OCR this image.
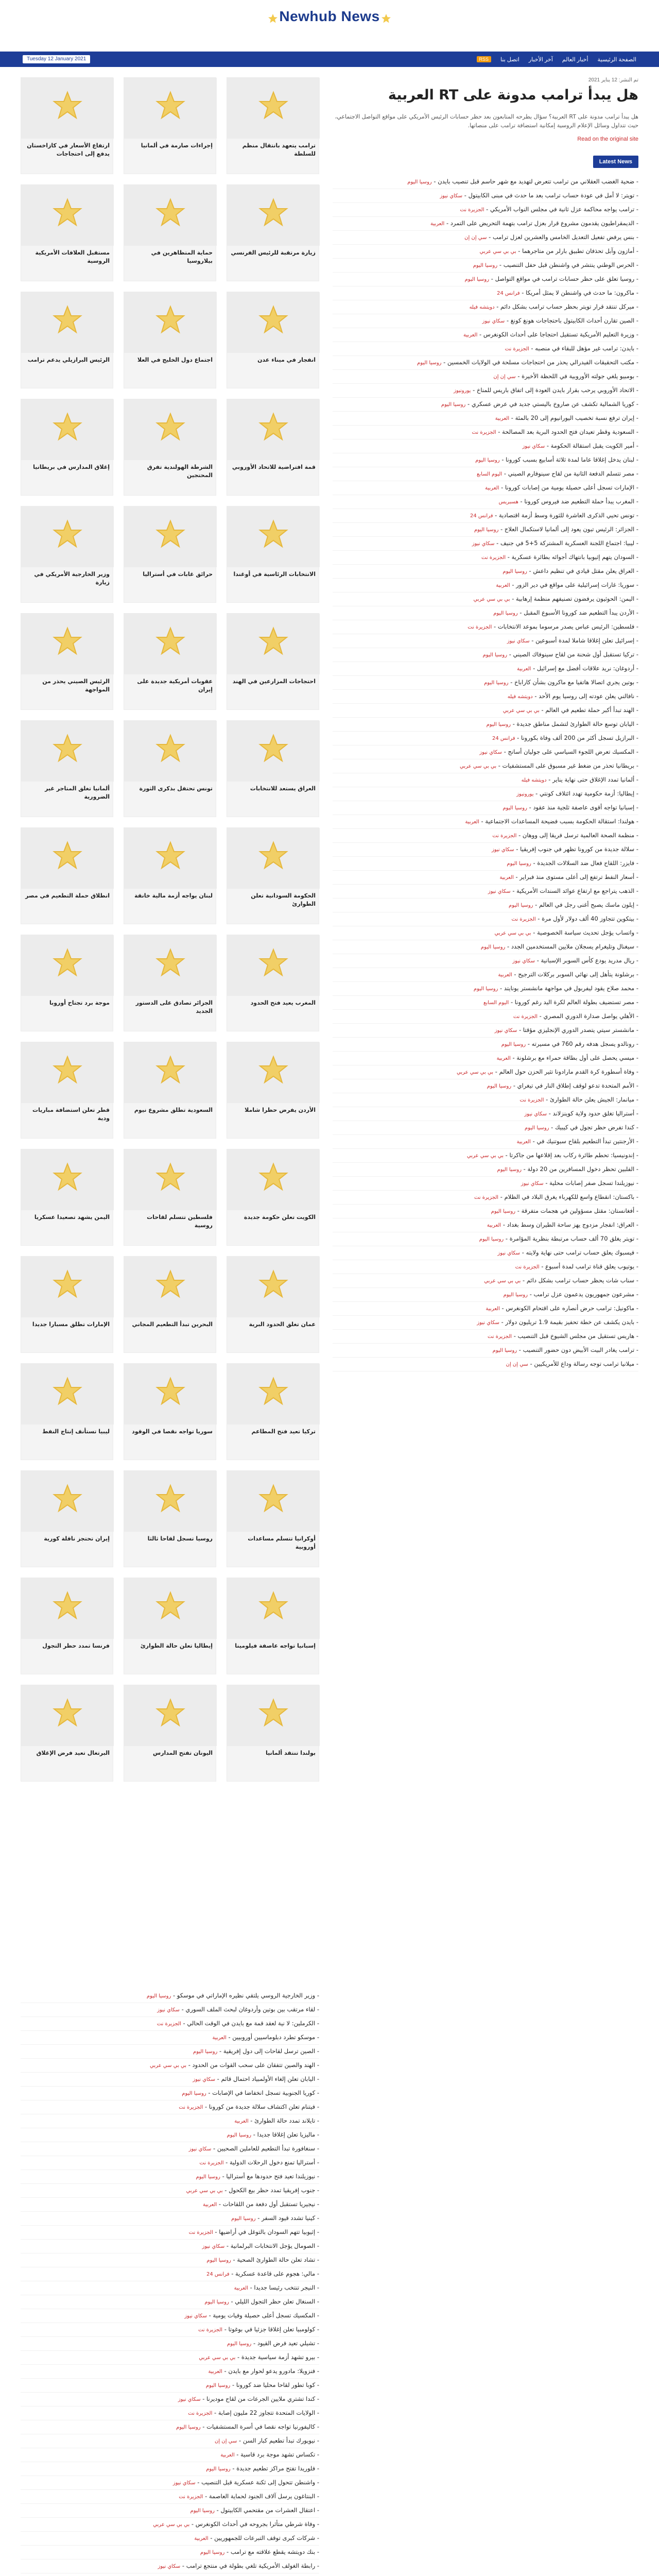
Newhub News
Tuesday 12 January 2021	الصفحة الرئيسية
أخبار العالم
آخر الأخبار
اتصل بنا
RSS
ارتفاع الأسعار في كازاخستان يدفع إلى احتجاجات
إجراءات صارمة في ألمانيا	ترامب يتعهد بانتقال منظم للسلطة
مستقبل العلاقات الأمريكية الروسية
حماية المتظاهرين في بيلاروسيا
زيارة مرتقبة للرئيس الفرنسي
الرئيس البرازيلي يدعم ترامب	اجتماع دول الخليج في العلا	انفجار في ميناء عدن
إغلاق المدارس في بريطانيا	الشرطة الهولندية تفرق المحتجين
قمة افتراضية للاتحاد الأوروبي
وزير الخارجية الأمريكي في زيارة
حرائق غابات في أستراليا	الانتخابات الرئاسية في أوغندا
الرئيس الصيني يحذر من المواجهة
عقوبات أمريكية جديدة على إيران
احتجاجات المزارعين في الهند
ألمانيا تغلق المتاجر غير الضرورية
تونس تحتفل بذكرى الثورة	العراق يستعد للانتخابات
انطلاق حملة التطعيم في مصر	لبنان يواجه أزمة مالية خانقة	الحكومة السودانية تعلن الطوارئ
موجة برد تجتاح أوروبا	الجزائر تصادق على الدستور الجديد
المغرب يعيد فتح الحدود
قطر تعلن استضافة مباريات ودية
السعودية تطلق مشروع نيوم	الأردن يفرض حظرا شاملا
اليمن يشهد تصعيدا عسكريا	فلسطين تتسلم لقاحات روسية
الكويت تعلن حكومة جديدة
الإمارات تطلق مسبارا جديدا	البحرين تبدأ التطعيم المجاني	عمان تغلق الحدود البرية
ليبيا تستأنف إنتاج النفط	سوريا تواجه نقصا في الوقود	تركيا تعيد فتح المطاعم
إيران تحتجز ناقلة كورية	روسيا تسجل لقاحا ثالثا	أوكرانيا تتسلم مساعدات أوروبية
فرنسا تمدد حظر التجول	إيطاليا تعلن حالة الطوارئ	إسبانيا تواجه عاصفة فيلومينا
البرتغال تعيد فرض الإغلاق	اليونان تفتح المدارس	بولندا تنتقد ألمانيا
تم النشر: 12 يناير 2021
هل يبدأ ترامب مدونة على RT العربية
هل يبدأ ترامب مدونة على RT العربية؟ سؤال يطرحه المتابعون بعد حظر حسابات الرئيس الأمريكي على مواقع التواصل الاجتماعي، حيث تتداول وسائل الإعلام الروسية إمكانية استضافة ترامب على منصاتها.
Read on the original site
Latest News
- ضحية الغضب العقلاني من ترامب تتعرض لتهديد مع شهر حاسم قبل تنصيب بايدن - روسيا اليوم
- تويتر: لا أمل في عودة حساب ترامب بعد ما حدث في مبنى الكابيتول - سكاي نيوز
- ترامب يواجه محاكمة عزل ثانية في مجلس النواب الأمريكي - الجزيرة نت
- الديمقراطيون يقدمون مشروع قرار بعزل ترامب بتهمة التحريض على التمرد - العربية
- بنس يرفض تفعيل التعديل الخامس والعشرين لعزل ترامب - سي إن إن
- أمازون وآبل تحذفان تطبيق بارلر من متاجرهما - بي بي سي عربي
- الحرس الوطني ينتشر في واشنطن قبل حفل التنصيب - روسيا اليوم
- روسيا تعلق على حظر حسابات ترامب في مواقع التواصل - روسيا اليوم
- ماكرون: ما حدث في واشنطن لا يمثل أمريكا - فرانس 24
- ميركل تنتقد قرار تويتر بحظر حساب ترامب بشكل دائم - دويتشه فيله
- الصين تقارن أحداث الكابيتول باحتجاجات هونغ كونغ - سكاي نيوز
- وزيرة التعليم الأمريكية تستقيل احتجاجا على أحداث الكونغرس - العربية
- بايدن: ترامب غير مؤهل للبقاء في منصبه - الجزيرة نت
- مكتب التحقيقات الفيدرالي يحذر من احتجاجات مسلحة في الولايات الخمسين - روسيا اليوم
- بومبيو يلغي جولته الأوروبية في اللحظة الأخيرة - سي إن إن
- الاتحاد الأوروبي يرحب بقرار بايدن العودة إلى اتفاق باريس للمناخ - يورونيوز
- كوريا الشمالية تكشف عن صاروخ باليستي جديد في عرض عسكري - روسيا اليوم
- إيران ترفع نسبة تخصيب اليورانيوم إلى 20 بالمئة - العربية
- السعودية وقطر تعيدان فتح الحدود البرية بعد المصالحة - الجزيرة نت
- أمير الكويت يقبل استقالة الحكومة - سكاي نيوز
- لبنان يدخل إغلاقا عاما لمدة ثلاثة أسابيع بسبب كورونا - روسيا اليوم
- مصر تتسلم الدفعة الثانية من لقاح سينوفارم الصيني - اليوم السابع
- الإمارات تسجل أعلى حصيلة يومية من إصابات كورونا - العربية
- المغرب يبدأ حملة التطعيم ضد فيروس كورونا - هسبريس
- تونس تحيي الذكرى العاشرة للثورة وسط أزمة اقتصادية - فرانس 24
- الجزائر: الرئيس تبون يعود إلى ألمانيا لاستكمال العلاج - روسيا اليوم
- ليبيا: اجتماع اللجنة العسكرية المشتركة 5+5 في جنيف - سكاي نيوز
- السودان يتهم إثيوبيا بانتهاك أجوائه بطائرة عسكرية - الجزيرة نت
- العراق يعلن مقتل قيادي في تنظيم داعش - روسيا اليوم
- سوريا: غارات إسرائيلية على مواقع في دير الزور - العربية
- اليمن: الحوثيون يرفضون تصنيفهم منظمة إرهابية - بي بي سي عربي
- الأردن يبدأ التطعيم ضد كورونا الأسبوع المقبل - روسيا اليوم
- فلسطين: الرئيس عباس يصدر مرسوما بموعد الانتخابات - الجزيرة نت
- إسرائيل تعلن إغلاقا شاملا لمدة أسبوعين - سكاي نيوز
- تركيا تستقبل أول شحنة من لقاح سينوفاك الصيني - روسيا اليوم
- أردوغان: نريد علاقات أفضل مع إسرائيل - العربية
- بوتين يجري اتصالا هاتفيا مع ماكرون بشأن كاراباخ - روسيا اليوم
- نافالني يعلن عودته إلى روسيا يوم الأحد - دويتشه فيله
- الهند تبدأ أكبر حملة تطعيم في العالم - بي بي سي عربي
- اليابان توسع حالة الطوارئ لتشمل مناطق جديدة - روسيا اليوم
- البرازيل تسجل أكثر من 200 ألف وفاة بكورونا - فرانس 24
- المكسيك تعرض اللجوء السياسي على جوليان أسانج - سكاي نيوز
- بريطانيا تحذر من ضغط غير مسبوق على المستشفيات - بي بي سي عربي
- ألمانيا تمدد الإغلاق حتى نهاية يناير - دويتشه فيله
- إيطاليا: أزمة حكومية تهدد ائتلاف كونتي - يورونيوز
- إسبانيا تواجه أقوى عاصفة ثلجية منذ عقود - روسيا اليوم
- هولندا: استقالة الحكومة بسبب فضيحة المساعدات الاجتماعية - العربية
- منظمة الصحة العالمية ترسل فريقا إلى ووهان - الجزيرة نت
- سلالة جديدة من كورونا تظهر في جنوب إفريقيا - سكاي نيوز
- فايزر: اللقاح فعال ضد السلالات الجديدة - روسيا اليوم
- أسعار النفط ترتفع إلى أعلى مستوى منذ فبراير - العربية
- الذهب يتراجع مع ارتفاع عوائد السندات الأمريكية - سكاي نيوز
- إيلون ماسك يصبح أغنى رجل في العالم - روسيا اليوم
- بيتكوين تتجاوز 40 ألف دولار لأول مرة - الجزيرة نت
- واتساب يؤجل تحديث سياسة الخصوصية - بي بي سي عربي
- سيغنال وتليغرام يسجلان ملايين المستخدمين الجدد - روسيا اليوم
- ريال مدريد يودع كأس السوبر الإسبانية - سكاي نيوز
- برشلونة يتأهل إلى نهائي السوبر بركلات الترجيح - العربية
- محمد صلاح يقود ليفربول في مواجهة مانشستر يونايتد - روسيا اليوم
- مصر تستضيف بطولة العالم لكرة اليد رغم كورونا - اليوم السابع
- الأهلي يواصل صدارة الدوري المصري - الجزيرة نت
- مانشستر سيتي يتصدر الدوري الإنجليزي مؤقتا - سكاي نيوز
- رونالدو يسجل هدفه رقم 760 في مسيرته - روسيا اليوم
- ميسي يحصل على أول بطاقة حمراء مع برشلونة - العربية
- وفاة أسطورة كرة القدم مارادونا تثير الحزن حول العالم - بي بي سي عربي
- الأمم المتحدة تدعو لوقف إطلاق النار في تيغراي - روسيا اليوم
- ميانمار: الجيش يعلن حالة الطوارئ - الجزيرة نت
- أستراليا تغلق حدود ولاية كوينزلاند - سكاي نيوز
- كندا تفرض حظر تجول في كيبيك - روسيا اليوم
- الأرجنتين تبدأ التطعيم بلقاح سبوتنيك في - العربية
- إندونيسيا: تحطم طائرة ركاب بعد إقلاعها من جاكرتا - بي بي سي عربي
- الفلبين تحظر دخول المسافرين من 20 دولة - روسيا اليوم
- نيوزيلندا تسجل صفر إصابات محلية - سكاي نيوز
- باكستان: انقطاع واسع للكهرباء يغرق البلاد في الظلام - الجزيرة نت
- أفغانستان: مقتل مسؤولين في هجمات متفرقة - روسيا اليوم
- العراق: انفجار مزدوج يهز ساحة الطيران وسط بغداد - العربية
- تويتر يغلق 70 ألف حساب مرتبطة بنظرية المؤامرة - روسيا اليوم
- فيسبوك يعلق حساب ترامب حتى نهاية ولايته - سكاي نيوز
- يوتيوب يعلق قناة ترامب لمدة أسبوع - الجزيرة نت
- سناب شات يحظر حساب ترامب بشكل دائم - بي بي سي عربي
- مشرعون جمهوريون يدعمون عزل ترامب - روسيا اليوم
- ماكونيل: ترامب حرض أنصاره على اقتحام الكونغرس - العربية
- بايدن يكشف عن خطة تحفيز بقيمة 1.9 تريليون دولار - سكاي نيوز
- هاريس تستقيل من مجلس الشيوخ قبل التنصيب - الجزيرة نت
- ترامب يغادر البيت الأبيض دون حضور التنصيب - روسيا اليوم
- ميلانيا ترامب توجه رسالة وداع للأمريكيين - سي إن إن
- وزير الخارجية الروسي يلتقي نظيره الإماراتي في موسكو - روسيا اليوم
- لقاء مرتقب بين بوتين وأردوغان لبحث الملف السوري - سكاي نيوز
- الكرملين: لا نية لعقد قمة مع بايدن في الوقت الحالي - الجزيرة نت
- موسكو تطرد دبلوماسيين أوروبيين - العربية
- الصين ترسل لقاحات إلى دول إفريقية - روسيا اليوم
- الهند والصين تتفقان على سحب القوات من الحدود - بي بي سي عربي
- اليابان تعلن إلغاء الأولمبياد احتمال قائم - سكاي نيوز
- كوريا الجنوبية تسجل انخفاضا في الإصابات - روسيا اليوم
- فيتنام تعلن اكتشاف سلالة جديدة من كورونا - الجزيرة نت
- تايلاند تمدد حالة الطوارئ - العربية
- ماليزيا تعلن إغلاقا جديدا - روسيا اليوم
- سنغافورة تبدأ التطعيم للعاملين الصحيين - سكاي نيوز
- أستراليا تمنع دخول الرحلات الدولية - الجزيرة نت
- نيوزيلندا تعيد فتح حدودها مع أستراليا - روسيا اليوم
- جنوب إفريقيا تمدد حظر بيع الكحول - بي بي سي عربي
- نيجيريا تستقبل أول دفعة من اللقاحات - العربية
- كينيا تشدد قيود السفر - روسيا اليوم
- إثيوبيا تتهم السودان بالتوغل في أراضيها - الجزيرة نت
- الصومال يؤجل الانتخابات البرلمانية - سكاي نيوز
- تشاد تعلن حالة الطوارئ الصحية - روسيا اليوم
- مالي: هجوم على قاعدة عسكرية - فرانس 24
- النيجر تنتخب رئيسا جديدا - العربية
- السنغال تعلن حظر التجول الليلي - روسيا اليوم
- المكسيك تسجل أعلى حصيلة وفيات يومية - سكاي نيوز
- كولومبيا تعلن إغلاقا جزئيا في بوغوتا - الجزيرة نت
- تشيلي تعيد فرض القيود - روسيا اليوم
- بيرو تشهد أزمة سياسية جديدة - بي بي سي عربي
- فنزويلا: مادورو يدعو لحوار مع بايدن - العربية
- كوبا تطور لقاحا محليا ضد كورونا - روسيا اليوم
- كندا تشتري ملايين الجرعات من لقاح موديرنا - سكاي نيوز
- الولايات المتحدة تتجاوز 22 مليون إصابة - الجزيرة نت
- كاليفورنيا تواجه نقصا في أسرة المستشفيات - روسيا اليوم
- نيويورك تبدأ تطعيم كبار السن - سي إن إن
- تكساس تشهد موجة برد قاسية - العربية
- فلوريدا تفتح مراكز تطعيم جديدة - روسيا اليوم
- واشنطن تتحول إلى ثكنة عسكرية قبل التنصيب - سكاي نيوز
- البنتاغون يرسل آلاف الجنود لحماية العاصمة - الجزيرة نت
- اعتقال العشرات من مقتحمي الكابيتول - روسيا اليوم
- وفاة شرطي متأثرا بجروحه في أحداث الكونغرس - بي بي سي عربي
- شركات كبرى توقف التبرعات للجمهوريين - العربية
- بنك دويتشه يقطع علاقته مع ترامب - روسيا اليوم
- رابطة الغولف الأمريكية تلغي بطولة في منتجع ترامب - سكاي نيوز
